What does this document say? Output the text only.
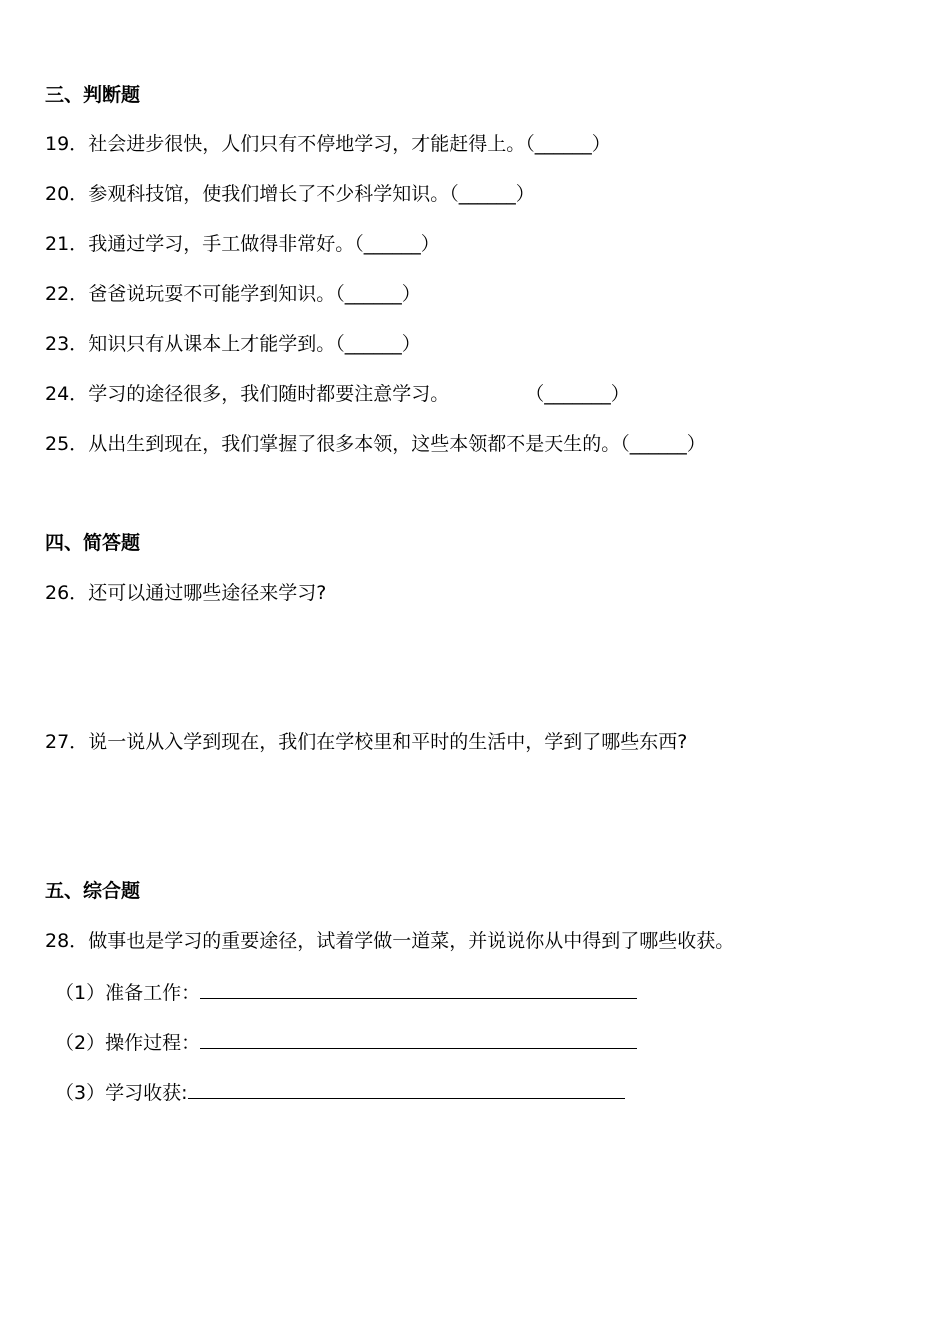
三、判断题
19．社会进步很快，人们只有不停地学习，才能赶得上。（______）
20．参观科技馆，使我们增长了不少科学知识。（______）
21．我通过学习，手工做得非常好。（______）
22．爸爸说玩耍不可能学到知识。（______）
23．知识只有从课本上才能学到。（______）
24．学习的途径很多，我们随时都要注意学习。	（_______）
25．从出生到现在，我们掌握了很多本领，这些本领都不是天生的。（______）
四、简答题
26．还可以通过哪些途径来学习?
27．说一说从入学到现在，我们在学校里和平时的生活中，学到了哪些东西?
五、综合题
28．做事也是学习的重要途径，试着学做一道菜，并说说你从中得到了哪些收获。
（1）准备工作：
（2）操作过程：
（3）学习收获:
